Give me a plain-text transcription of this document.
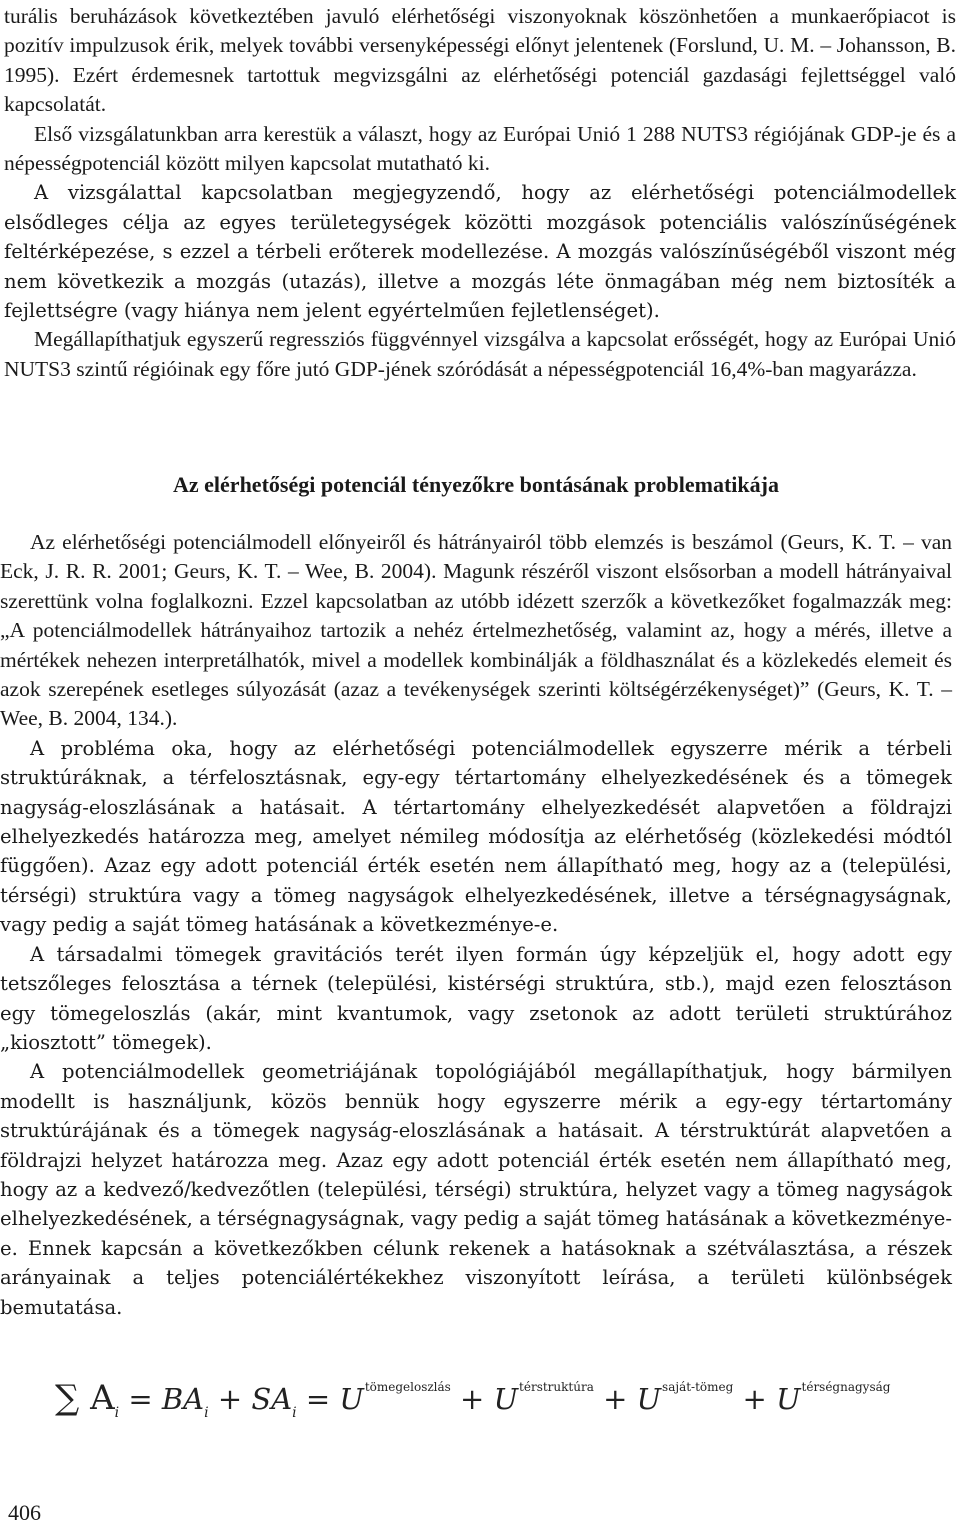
turális beruházások következtében javuló elérhetőségi viszonyoknak köszönhetően a munkaerőpiacot is pozitív impulzusok érik, melyek további versenyképességi előnyt jelentenek (Forslund, U. M. – Johansson, B. 1995). Ezért érdemesnek tartottuk megvizsgálni az elérhetőségi potenciál gazdasági fejlettséggel való kapcsolatát.

Első vizsgálatunkban arra kerestük a választ, hogy az Európai Unió 1 288 NUTS3 régiójának GDP-je és a népességpotenciál között milyen kapcsolat mutatható ki.

A vizsgálattal kapcsolatban megjegyzendő, hogy az elérhetőségi potenciálmodellek elsődleges célja az egyes területegységek közötti mozgások potenciális valószínűségének feltérképezése, s ezzel a térbeli erőterek modellezése. A mozgás valószínűségéből viszont még nem következik a mozgás (utazás), illetve a mozgás léte önmagában még nem biztosíték a fejlettségre (vagy hiánya nem jelent egyértelműen fejletlenséget).

Megállapíthatjuk egyszerű regressziós függvénnyel vizsgálva a kapcsolat erősségét, hogy az Európai Unió NUTS3 szintű régióinak egy főre jutó GDP-jének szóródását a népességpotenciál 16,4%-ban magyarázza.

Az elérhetőségi potenciál tényezőkre bontásának problematikája

Az elérhetőségi potenciálmodell előnyeiről és hátrányairól több elemzés is beszámol (Geurs, K. T. – van Eck, J. R. R. 2001; Geurs, K. T. – Wee, B. 2004). Magunk részéről viszont elsősorban a modell hátrányaival szerettünk volna foglalkozni. Ezzel kapcsolatban az utóbb idézett szerzők a következőket fogalmazzák meg: „A potenciálmodellek hátrányaihoz tartozik a nehéz értelmezhetőség, valamint az, hogy a mérés, illetve a mértékek nehezen interpretálhatók, mivel a modellek kombinálják a földhasználat és a közlekedés elemeit és azok szerepének esetleges súlyozását (azaz a tevékenységek szerinti költségérzékenységet)” (Geurs, K. T. – Wee, B. 2004, 134.).

A probléma oka, hogy az elérhetőségi potenciálmodellek egyszerre mérik a térbeli struktúráknak, a térfelosztásnak, egy-egy tértartomány elhelyezkedésének és a tömegek nagyság-eloszlásának a hatásait. A tértartomány elhelyezkedését alapvetően a földrajzi elhelyezkedés határozza meg, amelyet némileg módosítja az elérhetőség (közlekedési módtól függően). Azaz egy adott potenciál érték esetén nem állapítható meg, hogy az a (települési, térségi) struktúra vagy a tömeg nagyságok elhelyezkedésének, illetve a térségnagyságnak, vagy pedig a saját tömeg hatásának a következménye-e.

A társadalmi tömegek gravitációs terét ilyen formán úgy képzeljük el, hogy adott egy tetszőleges felosztása a térnek (települési, kistérségi struktúra, stb.), majd ezen felosztáson egy tömegeloszlás (akár, mint kvantumok, vagy zsetonok az adott területi struktúrához „kiosztott” tömegek).

A potenciálmodellek geometriájának topológiájából megállapíthatjuk, hogy bármilyen modellt is használjunk, közös bennük hogy egyszerre mérik a egy-egy tértartomány struktúrájának és a tömegek nagyság-eloszlásának a hatásait. A térstruktúrát alapvetően a földrajzi helyzet határozza meg. Azaz egy adott potenciál érték esetén nem állapítható meg, hogy az a kedvező/kedvezőtlen (települési, térségi) struktúra, helyzet vagy a tömeg nagyságok elhelyezkedésének, a térségnagyságnak, vagy pedig a saját tömeg hatásának a következménye-e. Ennek kapcsán a következőkben célunk rekenek a hatásoknak a szétválasztása, a részek arányainak a teljes potenciálértékekhez viszonyított leírása, a területi különbségek bemutatása.

∑ $A_i = BA_i + SA_i = U^{tömegeloszlás} + U^{térstruktúra} + U^{saját-tömeg} + U^{térségnagyság}$
406
